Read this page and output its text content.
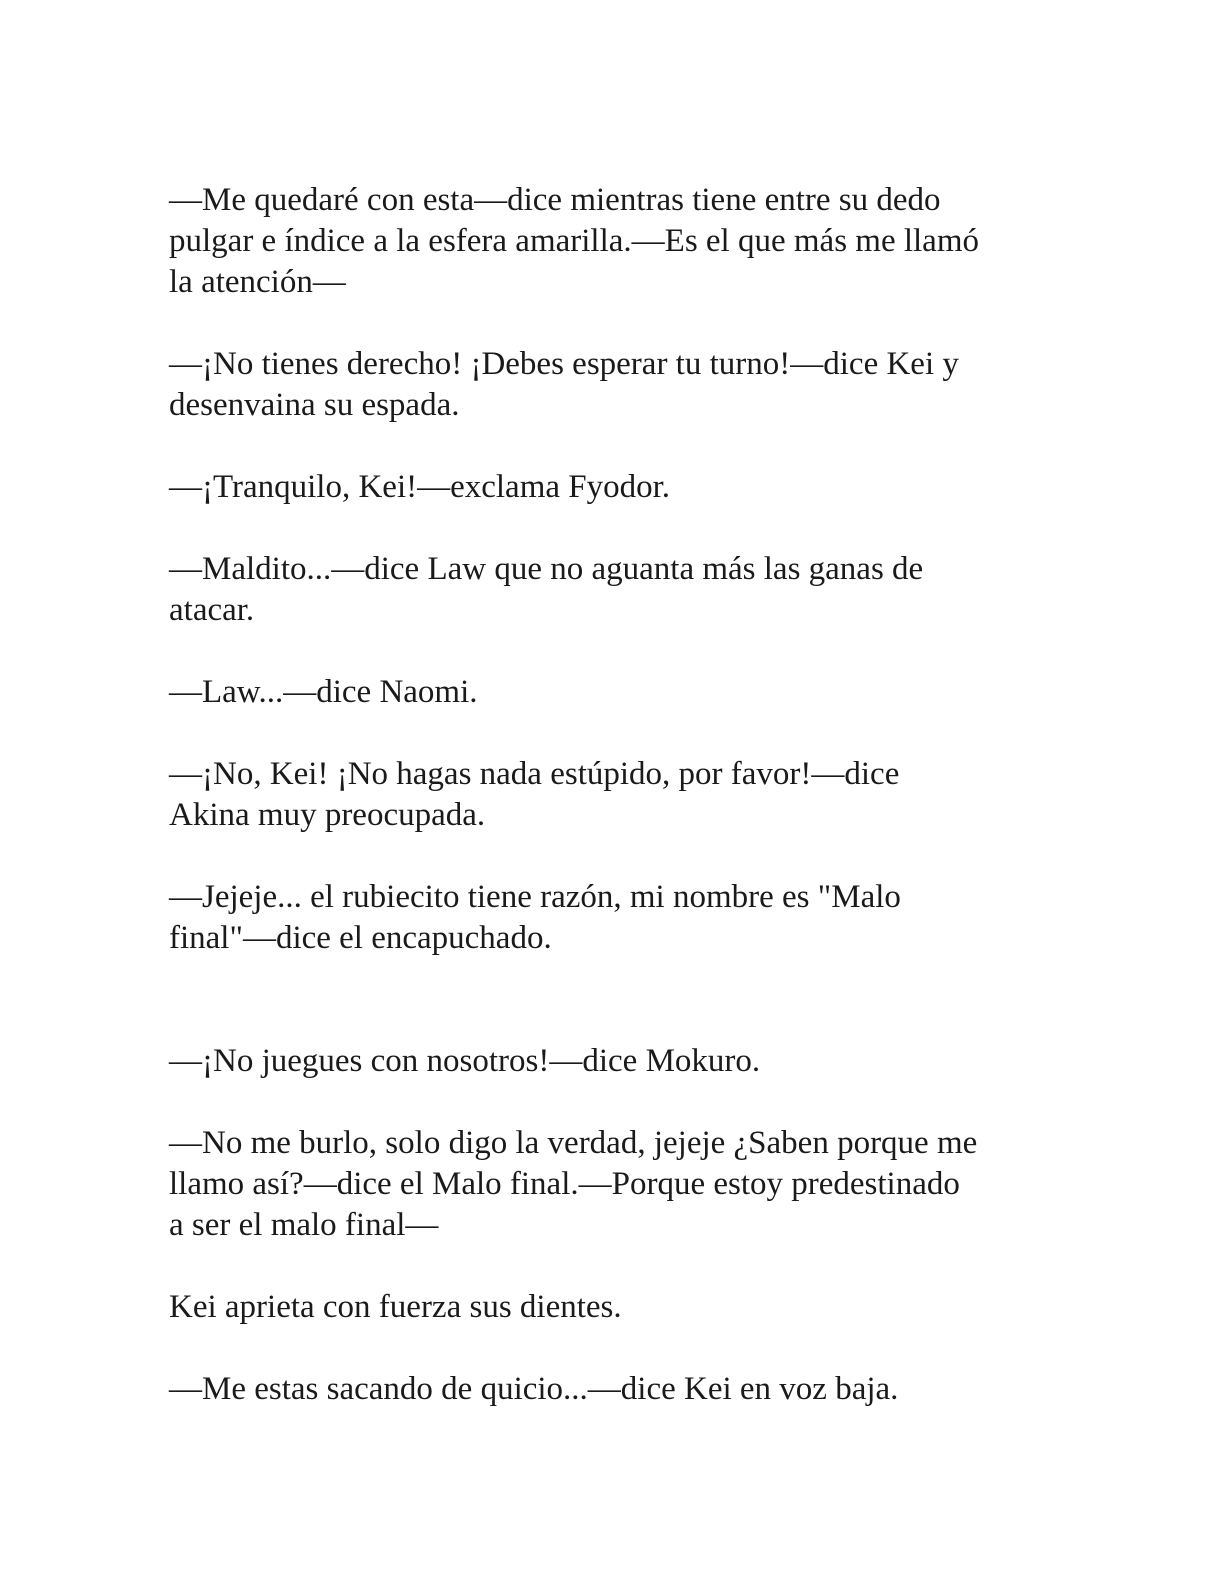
—Me quedaré con esta—dice mientras tiene entre su dedo
pulgar e índice a la esfera amarilla.—Es el que más me llamó
la atención—

—¡No tienes derecho! ¡Debes esperar tu turno!—dice Kei y
desenvaina su espada.

—¡Tranquilo, Kei!—exclama Fyodor.

—Maldito...—dice Law que no aguanta más las ganas de
atacar.

—Law...—dice Naomi.

—¡No, Kei! ¡No hagas nada estúpido, por favor!—dice
Akina muy preocupada.

—Jejeje... el rubiecito tiene razón, mi nombre es "Malo
final"—dice el encapuchado.

—¡No juegues con nosotros!—dice Mokuro.

—No me burlo, solo digo la verdad, jejeje ¿Saben porque me
llamo así?—dice el Malo final.—Porque estoy predestinado
a ser el malo final—

Kei aprieta con fuerza sus dientes.

—Me estas sacando de quicio...—dice Kei en voz baja.
